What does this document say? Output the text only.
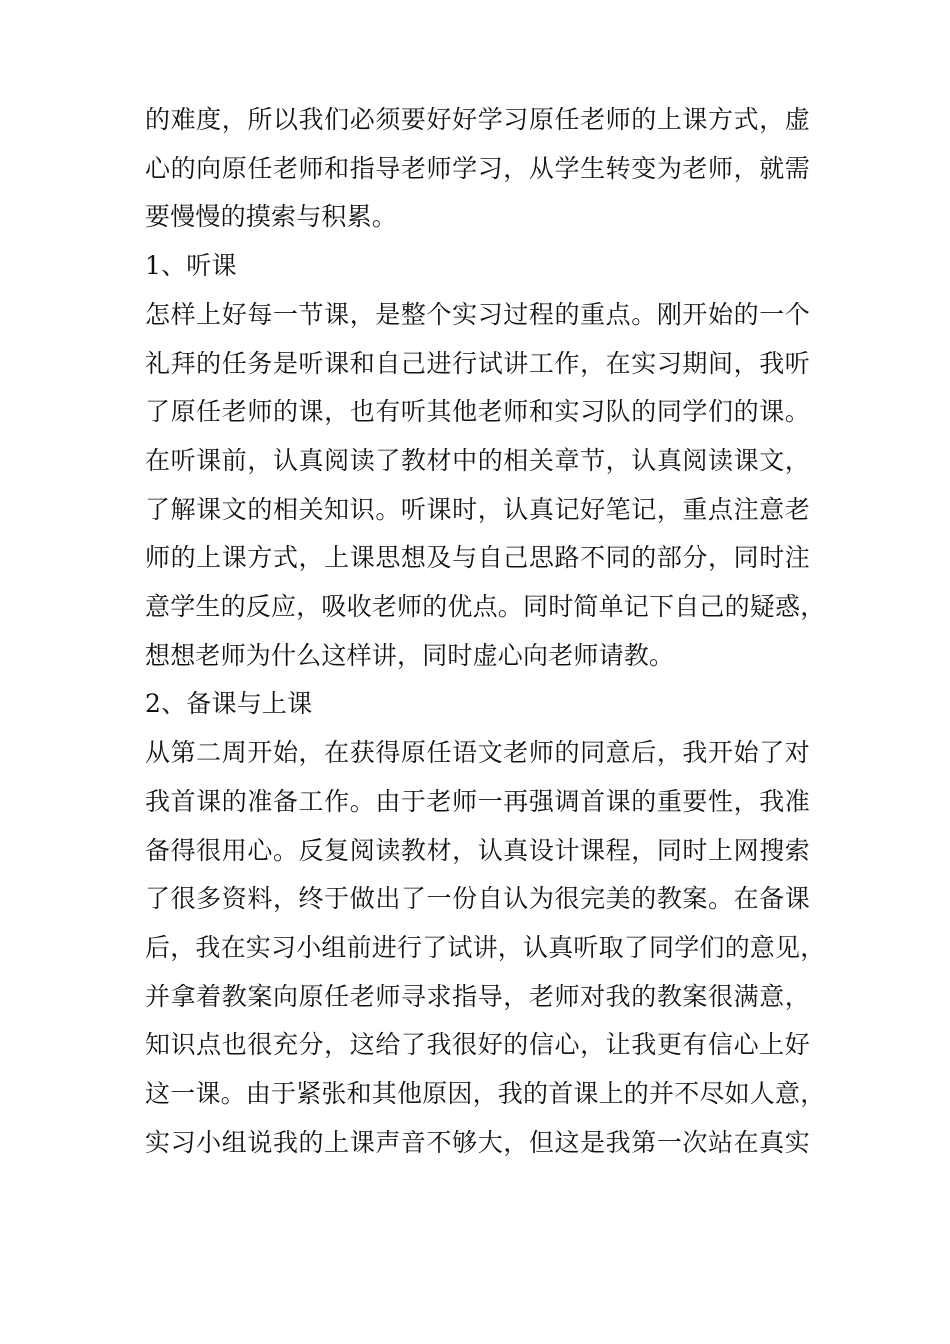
的难度，所以我们必须要好好学习原任老师的上课方式，虚
心的向原任老师和指导老师学习，从学生转变为老师，就需
要慢慢的摸索与积累。
1、听课
怎样上好每一节课，是整个实习过程的重点。刚开始的一个
礼拜的任务是听课和自己进行试讲工作，在实习期间，我听
了原任老师的课，也有听其他老师和实习队的同学们的课。
在听课前，认真阅读了教材中的相关章节，认真阅读课文，
了解课文的相关知识。听课时，认真记好笔记，重点注意老
师的上课方式，上课思想及与自己思路不同的部分，同时注
意学生的反应，吸收老师的优点。同时简单记下自己的疑惑，
想想老师为什么这样讲，同时虚心向老师请教。
2、备课与上课
从第二周开始，在获得原任语文老师的同意后，我开始了对
我首课的准备工作。由于老师一再强调首课的重要性，我准
备得很用心。反复阅读教材，认真设计课程，同时上网搜索
了很多资料，终于做出了一份自认为很完美的教案。在备课
后，我在实习小组前进行了试讲，认真听取了同学们的意见，
并拿着教案向原任老师寻求指导，老师对我的教案很满意，
知识点也很充分，这给了我很好的信心，让我更有信心上好
这一课。由于紧张和其他原因，我的首课上的并不尽如人意，
实习小组说我的上课声音不够大，但这是我第一次站在真实
